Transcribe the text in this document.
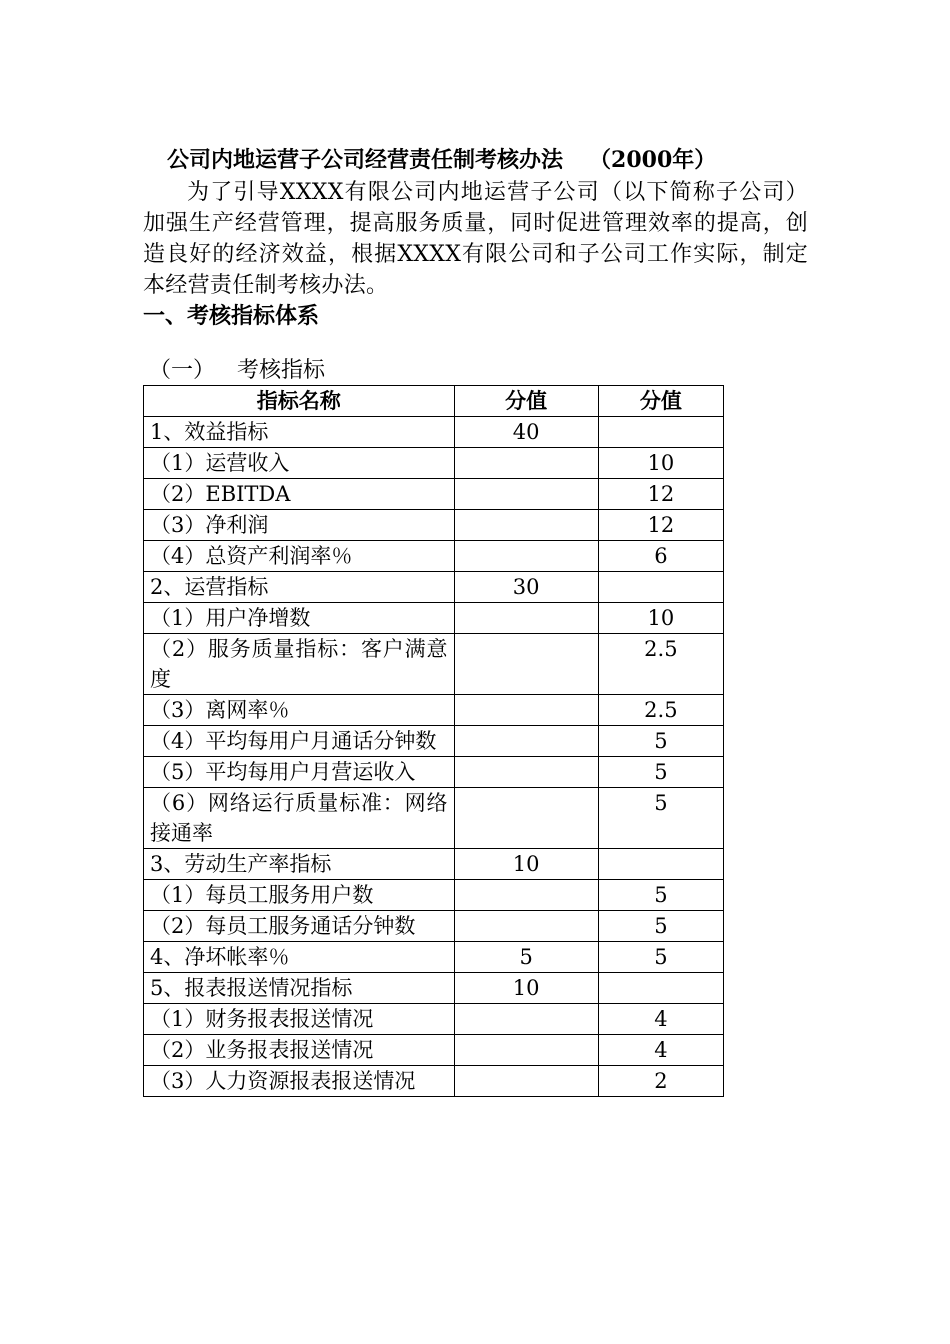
公司内地运营子公司经营责任制考核办法 （2000年）

为了引导XXXX有限公司内地运营子公司（以下简称子公司）加强生产经营管理，提高服务质量，同时促进管理效率的提高，创造良好的经济效益，根据XXXX有限公司和子公司工作实际，制定本经营责任制考核办法。

一、考核指标体系
（一） 考核指标
指标名称	分值	分值
1、效益指标	40	
（1）运营收入		10
（2）EBITDA		12
（3）净利润		12
（4）总资产利润率％		6
2、运营指标	30	
（1）用户净增数		10
（2）服务质量指标：客户满意度		2.5
（3）离网率％		2.5
（4）平均每用户月通话分钟数		5
（5）平均每用户月营运收入		5
（6）网络运行质量标准：网络接通率		5
3、劳动生产率指标	10	
（1）每员工服务用户数		5
（2）每员工服务通话分钟数		5
4、净坏帐率％	5	5
5、报表报送情况指标	10	
（1）财务报表报送情况		4
（2）业务报表报送情况		4
（3）人力资源报表报送情况		2
